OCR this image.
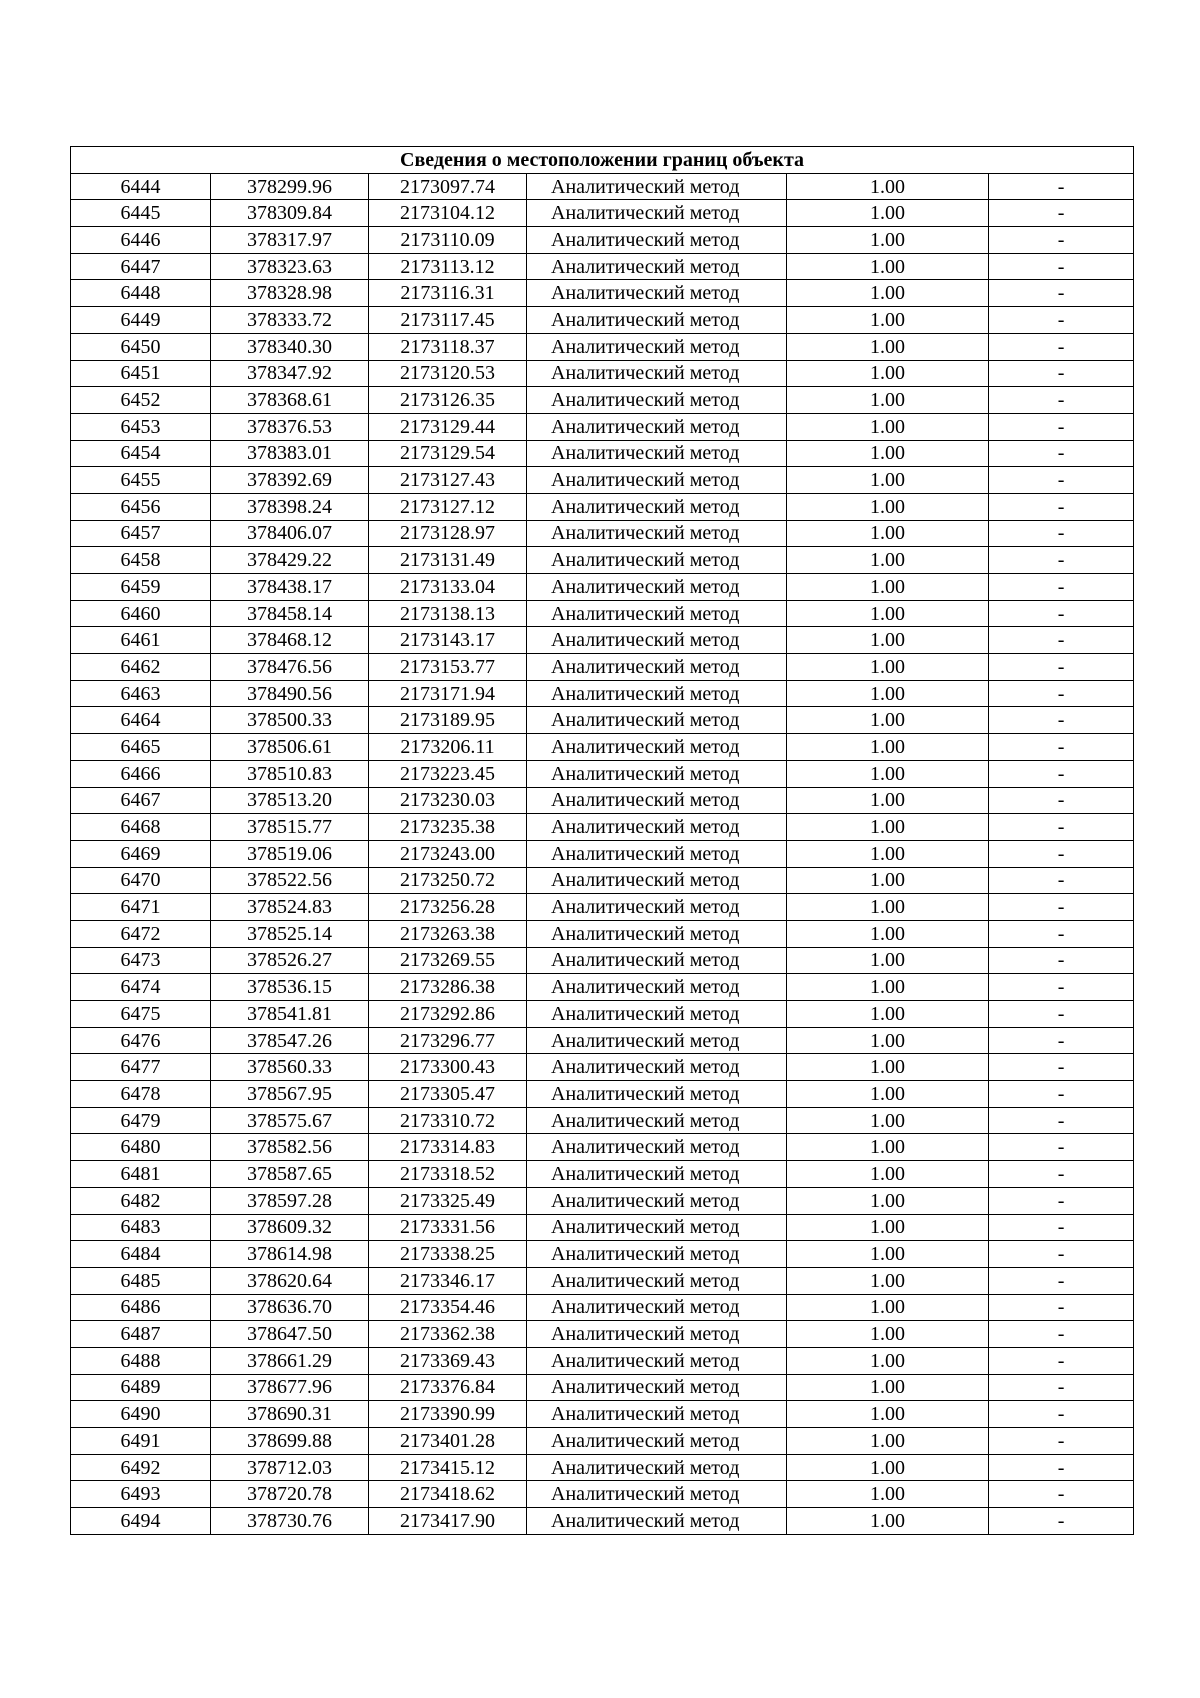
Сведения о местоположении границ объекта					
6444	378299.96	2173097.74	Аналитический метод	1.00	-
6445	378309.84	2173104.12	Аналитический метод	1.00	-
6446	378317.97	2173110.09	Аналитический метод	1.00	-
6447	378323.63	2173113.12	Аналитический метод	1.00	-
6448	378328.98	2173116.31	Аналитический метод	1.00	-
6449	378333.72	2173117.45	Аналитический метод	1.00	-
6450	378340.30	2173118.37	Аналитический метод	1.00	-
6451	378347.92	2173120.53	Аналитический метод	1.00	-
6452	378368.61	2173126.35	Аналитический метод	1.00	-
6453	378376.53	2173129.44	Аналитический метод	1.00	-
6454	378383.01	2173129.54	Аналитический метод	1.00	-
6455	378392.69	2173127.43	Аналитический метод	1.00	-
6456	378398.24	2173127.12	Аналитический метод	1.00	-
6457	378406.07	2173128.97	Аналитический метод	1.00	-
6458	378429.22	2173131.49	Аналитический метод	1.00	-
6459	378438.17	2173133.04	Аналитический метод	1.00	-
6460	378458.14	2173138.13	Аналитический метод	1.00	-
6461	378468.12	2173143.17	Аналитический метод	1.00	-
6462	378476.56	2173153.77	Аналитический метод	1.00	-
6463	378490.56	2173171.94	Аналитический метод	1.00	-
6464	378500.33	2173189.95	Аналитический метод	1.00	-
6465	378506.61	2173206.11	Аналитический метод	1.00	-
6466	378510.83	2173223.45	Аналитический метод	1.00	-
6467	378513.20	2173230.03	Аналитический метод	1.00	-
6468	378515.77	2173235.38	Аналитический метод	1.00	-
6469	378519.06	2173243.00	Аналитический метод	1.00	-
6470	378522.56	2173250.72	Аналитический метод	1.00	-
6471	378524.83	2173256.28	Аналитический метод	1.00	-
6472	378525.14	2173263.38	Аналитический метод	1.00	-
6473	378526.27	2173269.55	Аналитический метод	1.00	-
6474	378536.15	2173286.38	Аналитический метод	1.00	-
6475	378541.81	2173292.86	Аналитический метод	1.00	-
6476	378547.26	2173296.77	Аналитический метод	1.00	-
6477	378560.33	2173300.43	Аналитический метод	1.00	-
6478	378567.95	2173305.47	Аналитический метод	1.00	-
6479	378575.67	2173310.72	Аналитический метод	1.00	-
6480	378582.56	2173314.83	Аналитический метод	1.00	-
6481	378587.65	2173318.52	Аналитический метод	1.00	-
6482	378597.28	2173325.49	Аналитический метод	1.00	-
6483	378609.32	2173331.56	Аналитический метод	1.00	-
6484	378614.98	2173338.25	Аналитический метод	1.00	-
6485	378620.64	2173346.17	Аналитический метод	1.00	-
6486	378636.70	2173354.46	Аналитический метод	1.00	-
6487	378647.50	2173362.38	Аналитический метод	1.00	-
6488	378661.29	2173369.43	Аналитический метод	1.00	-
6489	378677.96	2173376.84	Аналитический метод	1.00	-
6490	378690.31	2173390.99	Аналитический метод	1.00	-
6491	378699.88	2173401.28	Аналитический метод	1.00	-
6492	378712.03	2173415.12	Аналитический метод	1.00	-
6493	378720.78	2173418.62	Аналитический метод	1.00	-
6494	378730.76	2173417.90	Аналитический метод	1.00	-
